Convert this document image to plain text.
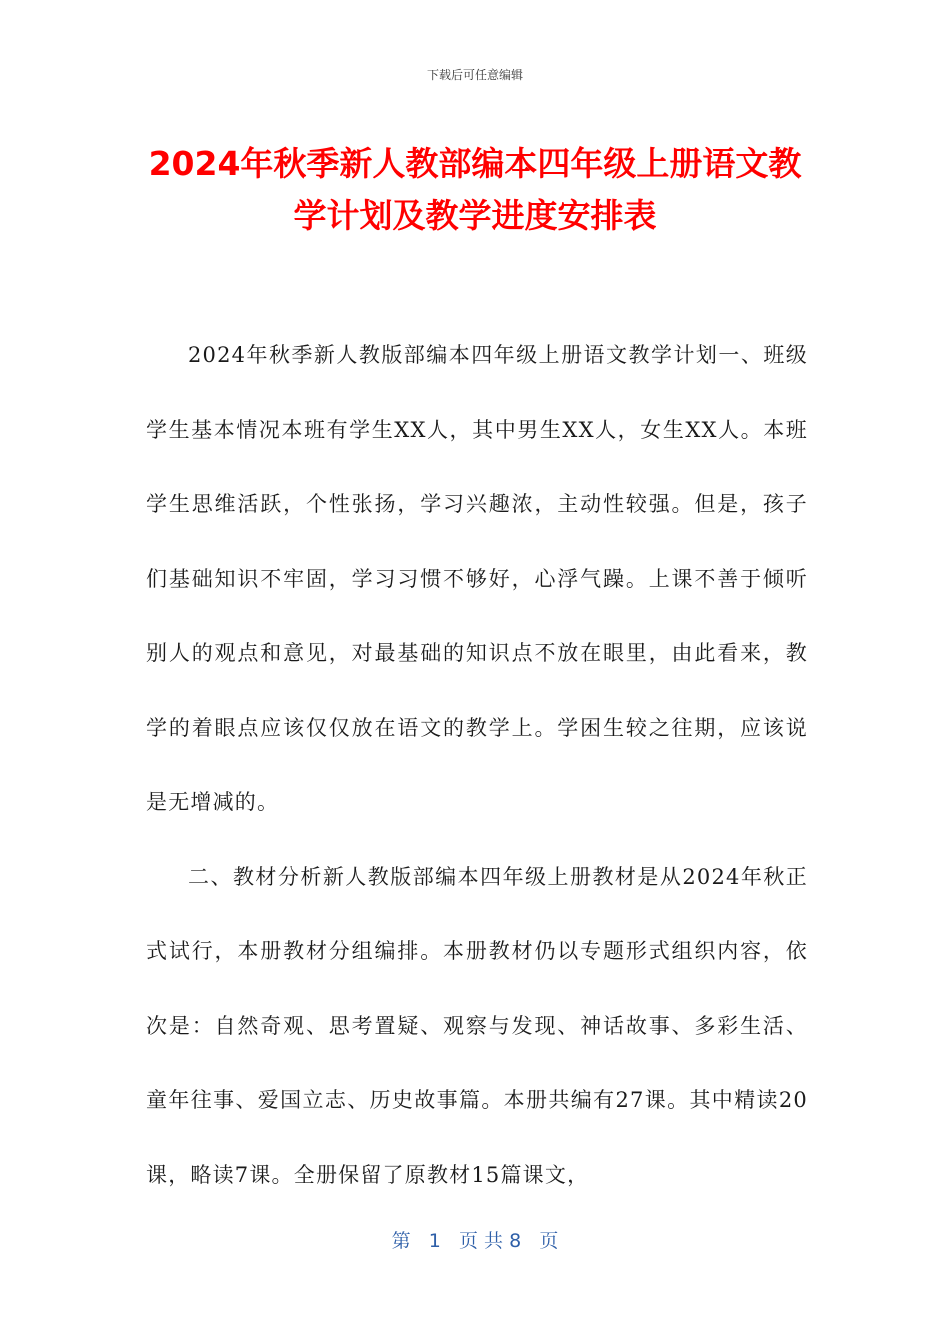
下载后可任意编辑
2024年秋季新人教部编本四年级上册语文教学计划及教学进度安排表

2024年秋季新人教版部编本四年级上册语文教学计划一、班级学生基本情况本班有学生XX人，其中男生XX人，女生XX人。本班学生思维活跃，个性张扬，学习兴趣浓，主动性较强。但是，孩子们基础知识不牢固，学习习惯不够好，心浮气躁。上课不善于倾听别人的观点和意见，对最基础的知识点不放在眼里，由此看来，教学的着眼点应该仅仅放在语文的教学上。学困生较之往期，应该说是无增减的。

二、教材分析新人教版部编本四年级上册教材是从2024年秋正式试行，本册教材分组编排。本册教材仍以专题形式组织内容，依次是：自然奇观、思考置疑、观察与发现、神话故事、多彩生活、童年往事、爱国立志、历史故事篇。本册共编有27课。其中精读20课，略读7课。全册保留了原教材15篇课文，

第 1 页 共 8 页
